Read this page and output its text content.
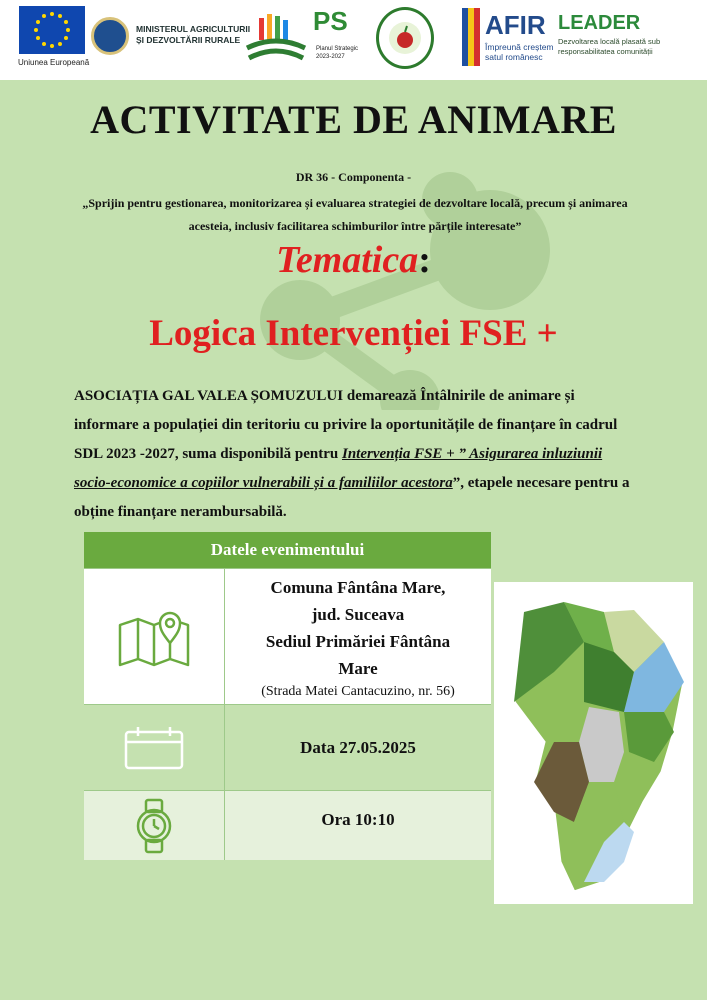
Uniunea Europeană
MINISTERUL AGRICULTURII
ȘI DEZVOLTĂRII RURALE
PS
Planul Strategic
2023-2027
AFIR
Împreună creștem
satul românesc
LEADER
Dezvoltarea locală plasată sub
responsabilitatea comunității
ACTIVITATE DE ANIMARE
DR 36 - Componenta -
„Sprijin pentru gestionarea, monitorizarea și evaluarea strategiei de dezvoltare locală, precum și animarea acesteia, inclusiv facilitarea schimburilor între părțile interesate”
Tematica:
Logica Intervenției FSE +
ASOCIAȚIA GAL VALEA ȘOMUZULUI demarează Întâlnirile de animare și informare a populației din teritoriu cu privire la oportunitățile de finanțare în cadrul SDL 2023 -2027, suma disponibilă pentru Intervenția FSE + ” Asigurarea inluziunii socio-economice a copiilor vulnerabili și a familiilor acestora”, etapele necesare pentru a obține finanțare nerambursabilă.
Datele evenimentului
Comuna Fântâna Mare,
jud. Suceava
Sediul Primăriei Fântâna
Mare
(Strada Matei Cantacuzino, nr. 56)
Data 27.05.2025
Ora 10:10
